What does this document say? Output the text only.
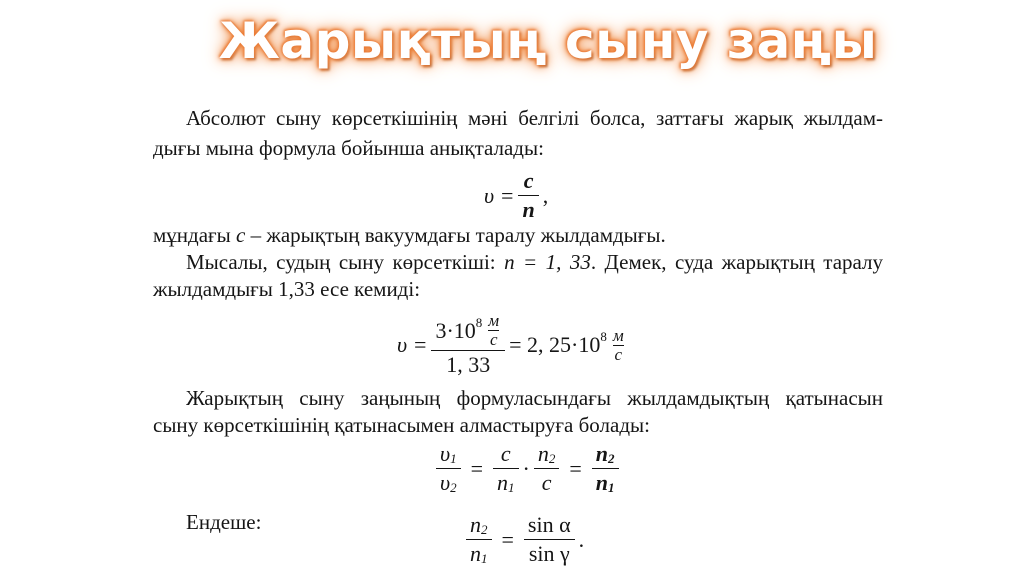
Жарықтың сыну заңы
Абсолют сыну көрсеткішінің мәні белгілі болса, заттағы жарық жылдам-
дығы мына формула бойынша анықталады:
$\upsilon = \frac{c}{n}$ ,
мұндағы c – жарықтың вакуумдағы таралу жылдамдығы.
Мысалы, судың сыну көрсеткіші: n = 1, 33. Демек, суда жарықтың таралу
жылдамдығы 1,33 есе кемиді:
$\upsilon = 3\cdot 10^8$ м
с
1, 33 = 2, $25\cdot 10^8$ м
с
Жарықтың сыну заңының формуласындағы жылдамдықтың қатынасын
сыну көрсеткішінің қатынасымен алмастыруға болады:
$\frac{\upsilon_1}{\upsilon_2} = \frac{c}{n_1} \cdot \frac{n_2}{c} = \frac{n_2}{n_1}$
Ендеше:	$\frac{n_2}{n_1} = \frac{\text{sin α}}{\text{sin γ}}$ .
